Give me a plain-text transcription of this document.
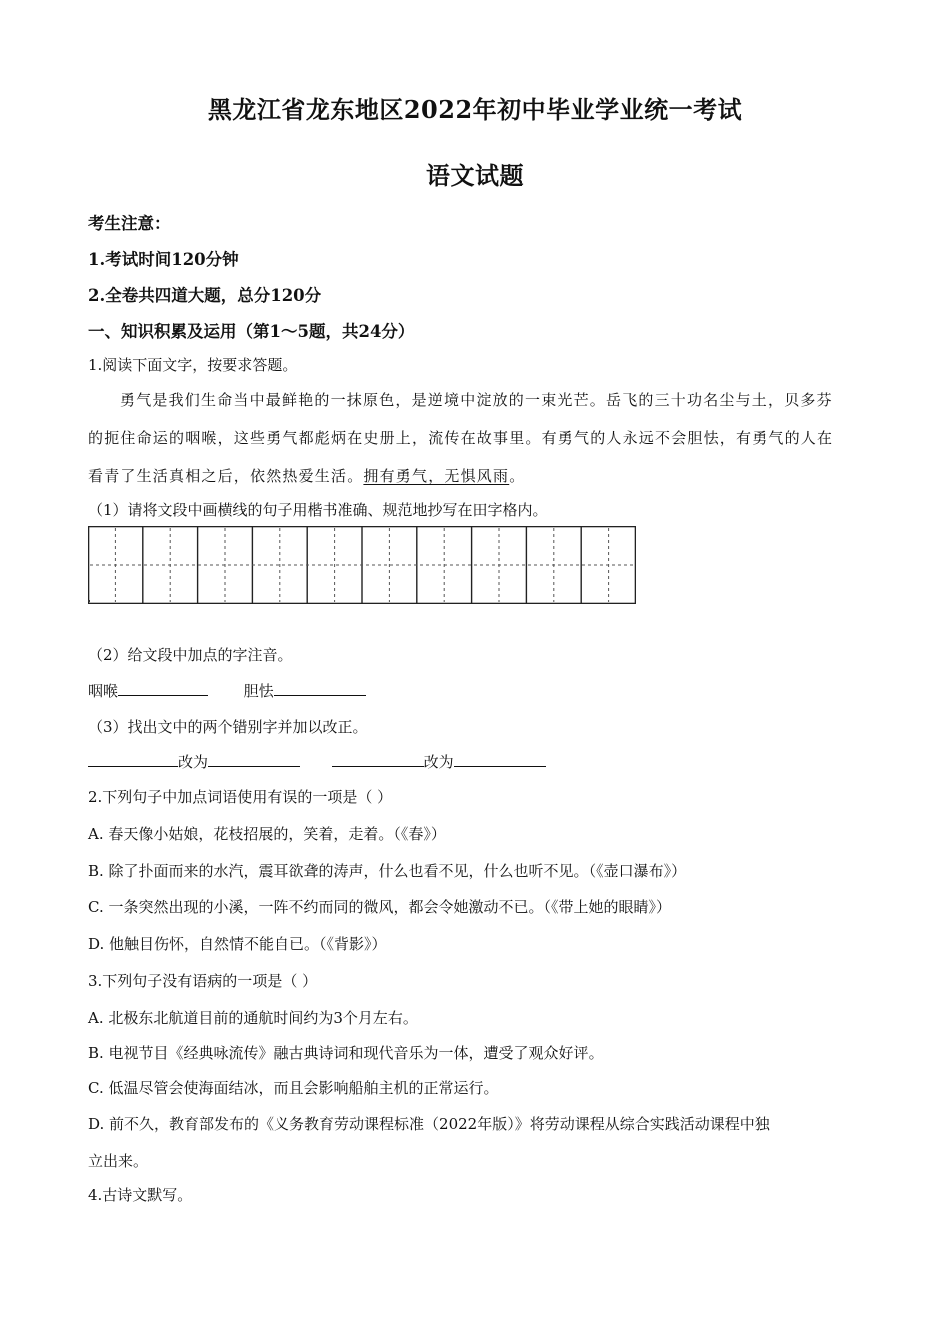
黑龙江省龙东地区2022年初中毕业学业统一考试
语文试题
考生注意：
1.考试时间120分钟
2.全卷共四道大题，总分120分
一、知识积累及运用（第1～5题，共24分）
1.阅读下面文字，按要求答题。
勇气是我们生命当中最鲜艳的一抹原色，是逆境中淀放的一束光芒。岳飞的三十功名尘与土，贝多芬
的扼住命运的咽喉，这些勇气都彪炳在史册上，流传在故事里。有勇气的人永远不会胆怯，有勇气的人在
看青了生活真相之后，依然热爱生活。拥有勇气，无惧风雨。
（1）请将文段中画横线的句子用楷书准确、规范地抄写在田字格内。
（2）给文段中加点的字注音。
咽喉	胆怯
（3）找出文中的两个错别字并加以改正。
改为	改为
2.下列句子中加点词语使用有误的一项是（ ）
A. 春天像小姑娘，花枝招展的，笑着，走着。（《春》）
B. 除了扑面而来的水汽，震耳欲聋的涛声，什么也看不见，什么也听不见。（《壶口瀑布》）
C. 一条突然出现的小溪，一阵不约而同的微风，都会令她激动不已。（《带上她的眼睛》）
D. 他触目伤怀，自然情不能自已。（《背影》）
3.下列句子没有语病的一项是（ ）
A. 北极东北航道目前的通航时间约为3个月左右。
B. 电视节目《经典咏流传》融古典诗词和现代音乐为一体，遭受了观众好评。
C. 低温尽管会使海面结冰，而且会影响船舶主机的正常运行。
D. 前不久，教育部发布的《义务教育劳动课程标准（2022年版）》将劳动课程从综合实践活动课程中独
立出来。
4.古诗文默写。
